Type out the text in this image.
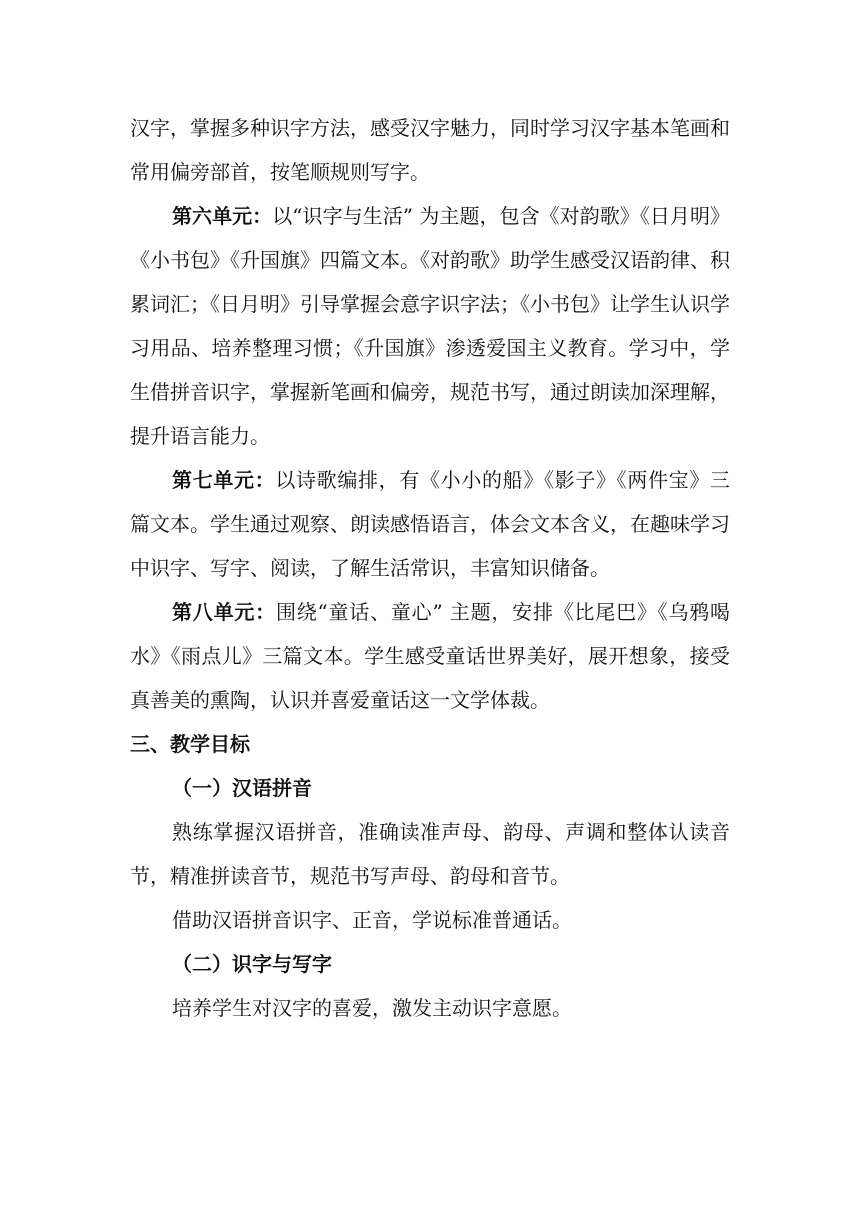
汉字，掌握多种识字方法，感受汉字魅力，同时学习汉字基本笔画和常用偏旁部首，按笔顺规则写字。
第六单元：以“识字与生活” 为主题，包含《对韵歌》《日月明》《小书包》《升国旗》四篇文本。《对韵歌》助学生感受汉语韵律、积累词汇；《日月明》引导掌握会意字识字法；《小书包》让学生认识学习用品、培养整理习惯；《升国旗》渗透爱国主义教育。学习中，学生借拼音识字，掌握新笔画和偏旁，规范书写，通过朗读加深理解，提升语言能力。
第七单元：以诗歌编排，有《小小的船》《影子》《两件宝》三篇文本。学生通过观察、朗读感悟语言，体会文本含义，在趣味学习中识字、写字、阅读，了解生活常识，丰富知识储备。
第八单元：围绕“童话、童心” 主题，安排《比尾巴》《乌鸦喝水》《雨点儿》三篇文本。学生感受童话世界美好，展开想象，接受真善美的熏陶，认识并喜爱童话这一文学体裁。
三、教学目标
（一）汉语拼音
熟练掌握汉语拼音，准确读准声母、韵母、声调和整体认读音节，精准拼读音节，规范书写声母、韵母和音节。
借助汉语拼音识字、正音，学说标准普通话。
（二）识字与写字
培养学生对汉字的喜爱，激发主动识字意愿。
